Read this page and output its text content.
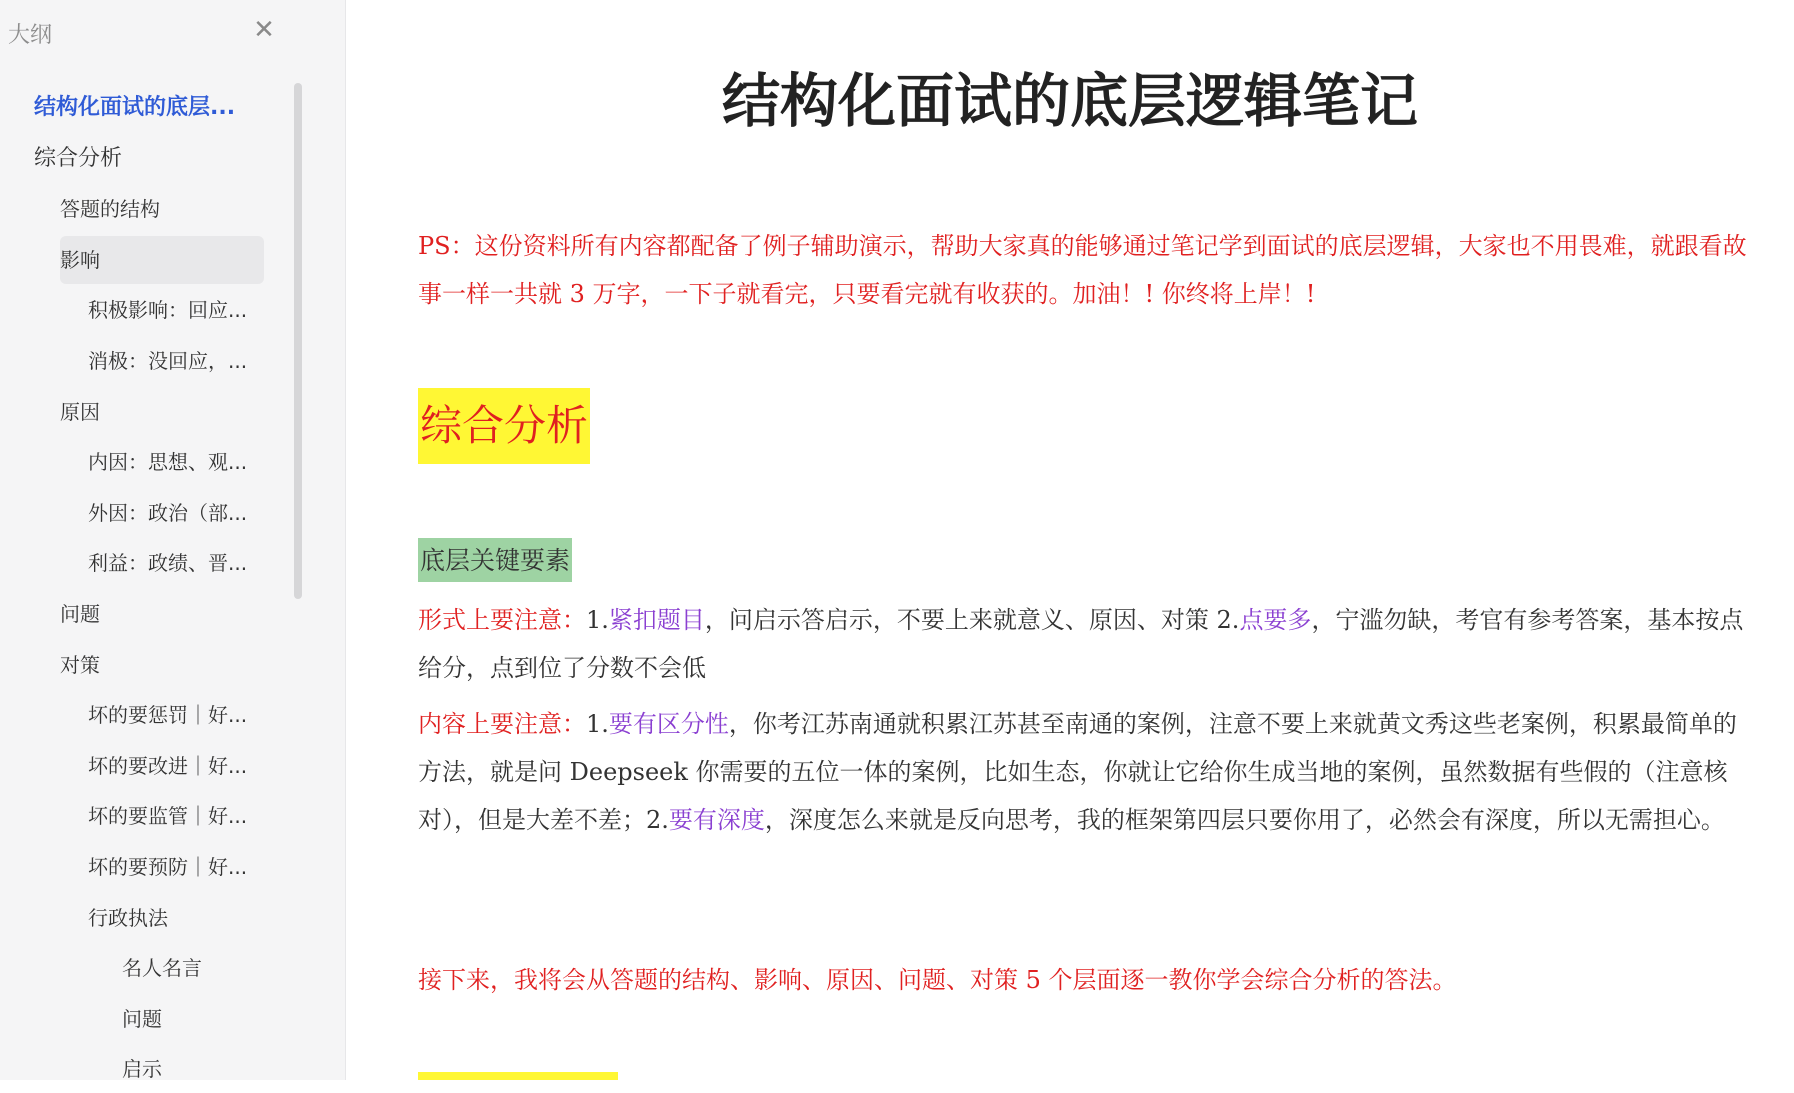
大纲	✕
结构化面试的底层...
综合分析
答题的结构
影响
积极影响：回应...
消极：没回应，...
原因
内因：思想、观...
外因：政治（部...
利益：政绩、晋...
问题
对策
坏的要惩罚｜好...
坏的要改进｜好...
坏的要监管｜好...
坏的要预防｜好...
行政执法
名人名言
问题
启示
结构化面试的底层逻辑笔记
PS：这份资料所有内容都配备了例子辅助演示，帮助大家真的能够通过笔记学到面试的底层逻辑，大家也不用畏难，就跟看故事一样一共就 3 万字，一下子就看完，只要看完就有收获的。加油！! 你终将上岸！!
综合分析
底层关键要素
形式上要注意：1.紧扣题目，问启示答启示，不要上来就意义、原因、对策 2.点要多，宁滥勿缺，考官有参考答案，基本按点给分，点到位了分数不会低
内容上要注意：1.要有区分性，你考江苏南通就积累江苏甚至南通的案例，注意不要上来就黄文秀这些老案例，积累最简单的方法，就是问 Deepseek 你需要的五位一体的案例，比如生态，你就让它给你生成当地的案例，虽然数据有些假的（注意核对），但是大差不差；2.要有深度，深度怎么来就是反向思考，我的框架第四层只要你用了，必然会有深度，所以无需担心。
接下来，我将会从答题的结构、影响、原因、问题、对策 5 个层面逐一教你学会综合分析的答法。
